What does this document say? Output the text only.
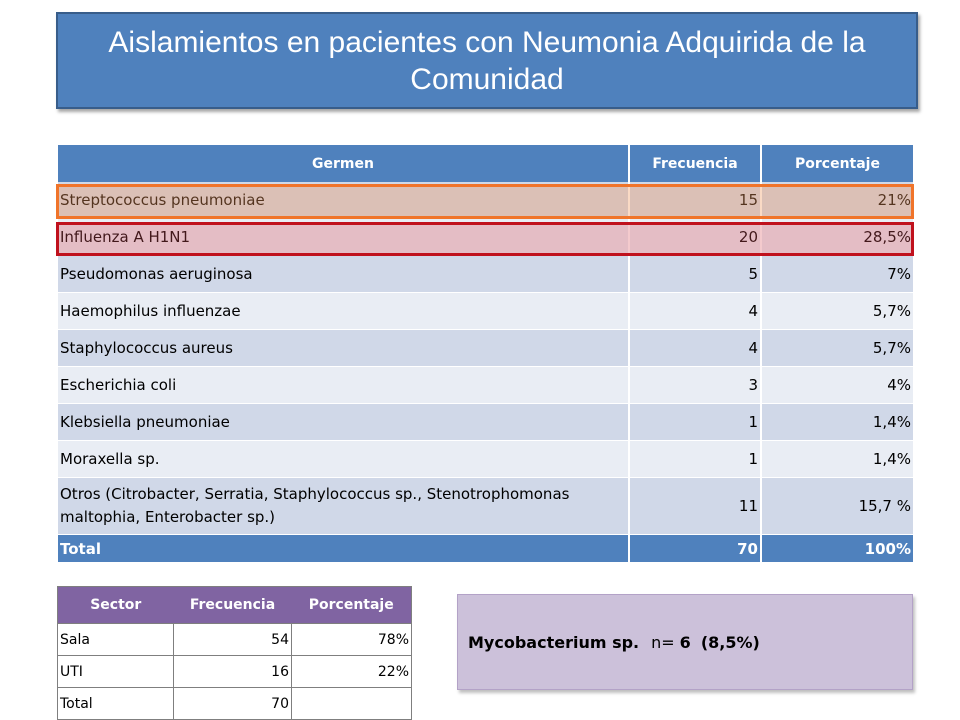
Aislamientos en pacientes con Neumonia Adquirida de la Comunidad
Germen	Frecuencia	Porcentaje
Streptococcus pneumoniae	15	21%
Influenza A H1N1	20	28,5%
Pseudomonas aeruginosa	5	7%
Haemophilus influenzae	4	5,7%
Staphylococcus aureus	4	5,7%
Escherichia coli	3	4%
Klebsiella pneumoniae	1	1,4%
Moraxella sp.	1	1,4%
Otros (Citrobacter, Serratia, Staphylococcus sp., Stenotrophomonas maltophia, Enterobacter sp.)	11	15,7 %
Total	70	100%
Sector	Frecuencia	Porcentaje
Sala	54	78%
UTI	16	22%
Total	70	
Mycobacterium sp. n= 6 (8,5%)
